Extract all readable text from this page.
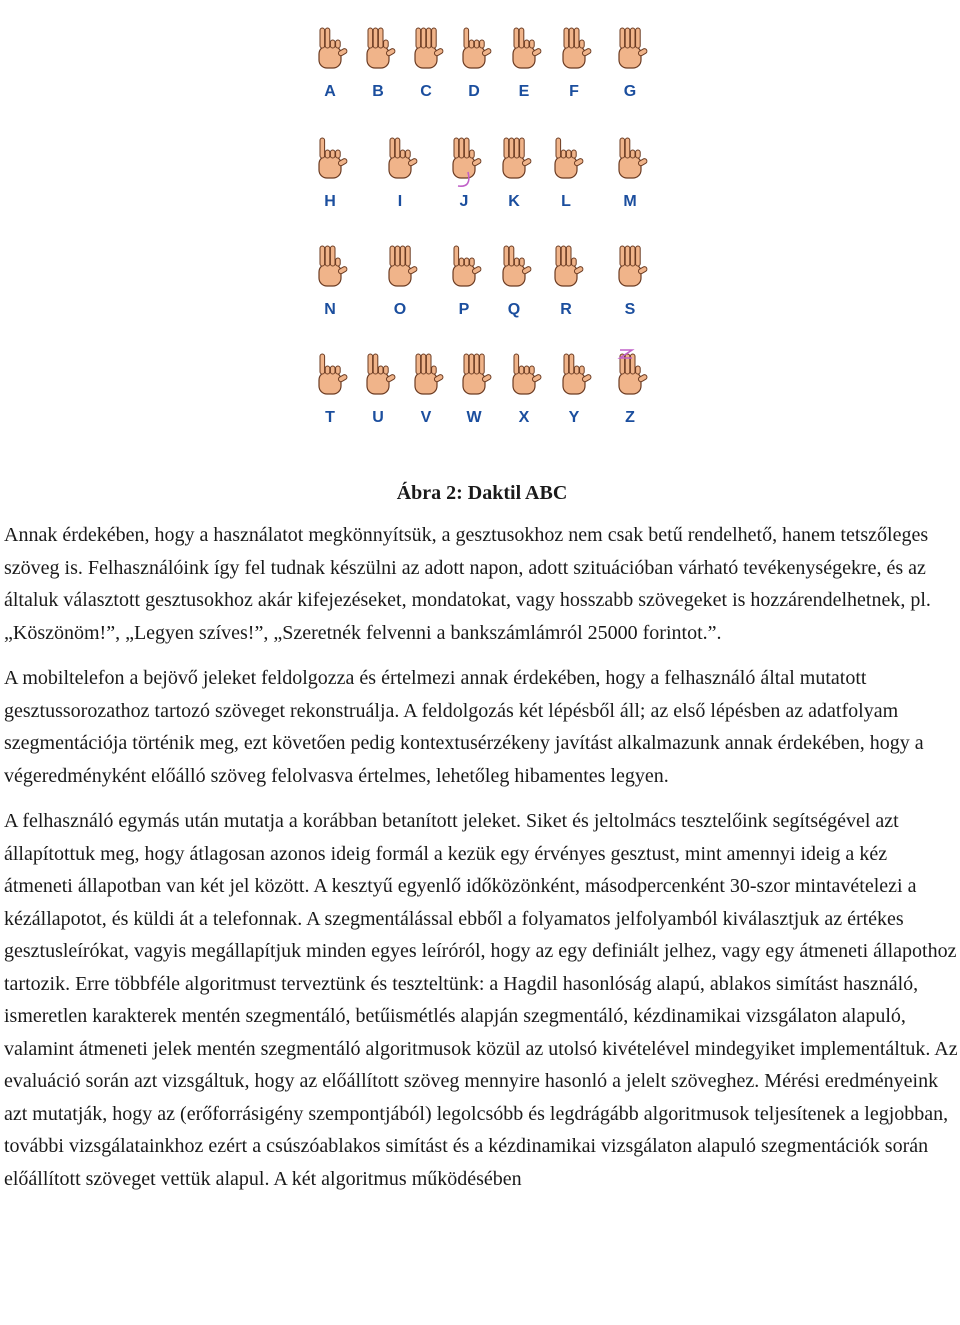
A B C D E F	G
H	I	J K	L	M
N	O	P Q R	S
T U V W X Y	Z
Ábra 2: Daktil ABC

Annak érdekében, hogy a használatot megkönnyítsük, a gesztusokhoz nem csak betű rendelhető, hanem tetszőleges szöveg is. Felhasználóink így fel tudnak készülni az adott napon, adott szituációban várható tevékenységekre, és az általuk választott gesztusokhoz akár kifejezéseket, mondatokat, vagy hosszabb szövegeket is hozzárendelhetnek, pl. „Köszönöm!”, „Legyen szíves!”, „Szeretnék felvenni a bankszámlámról 25000 forintot.”.

A mobiltelefon a bejövő jeleket feldolgozza és értelmezi annak érdekében, hogy a felhasználó által mutatott gesztussorozathoz tartozó szöveget rekonstruálja. A feldolgozás két lépésből áll; az első lépésben az adatfolyam szegmentációja történik meg, ezt követően pedig kontextusérzékeny javítást alkalmazunk annak érdekében, hogy a végeredményként előálló szöveg felolvasva értelmes, lehetőleg hibamentes legyen.

A felhasználó egymás után mutatja a korábban betanított jeleket. Siket és jeltolmács tesztelőink segítségével azt állapítottuk meg, hogy átlagosan azonos ideig formál a kezük egy érvényes gesztust, mint amennyi ideig a kéz átmeneti állapotban van két jel között. A kesztyű egyenlő időközönként, másodpercenként 30-szor mintavételezi a kézállapotot, és küldi át a telefonnak. A szegmentálással ebből a folyamatos jelfolyamból kiválasztjuk az értékes gesztusleírókat, vagyis megállapítjuk minden egyes leíróról, hogy az egy definiált jelhez, vagy egy átmeneti állapothoz tartozik. Erre többféle algoritmust terveztünk és teszteltünk: a Hagdil hasonlóság alapú, ablakos simítást használó, ismeretlen karakterek mentén szegmentáló, betűismétlés alapján szegmentáló, kézdinamikai vizsgálaton alapuló, valamint átmeneti jelek mentén szegmentáló algoritmusok közül az utolsó kivételével mindegyiket implementáltuk. Az evaluáció során azt vizsgáltuk, hogy az előállított szöveg mennyire hasonló a jelelt szöveghez. Mérési eredményeink azt mutatják, hogy az (erőforrásigény szempontjából) legolcsóbb és legdrágább algoritmusok teljesítenek a legjobban, további vizsgálatainkhoz ezért a csúszóablakos simítást és a kézdinamikai vizsgálaton alapuló szegmentációk során előállított szöveget vettük alapul. A két algoritmus működésében
